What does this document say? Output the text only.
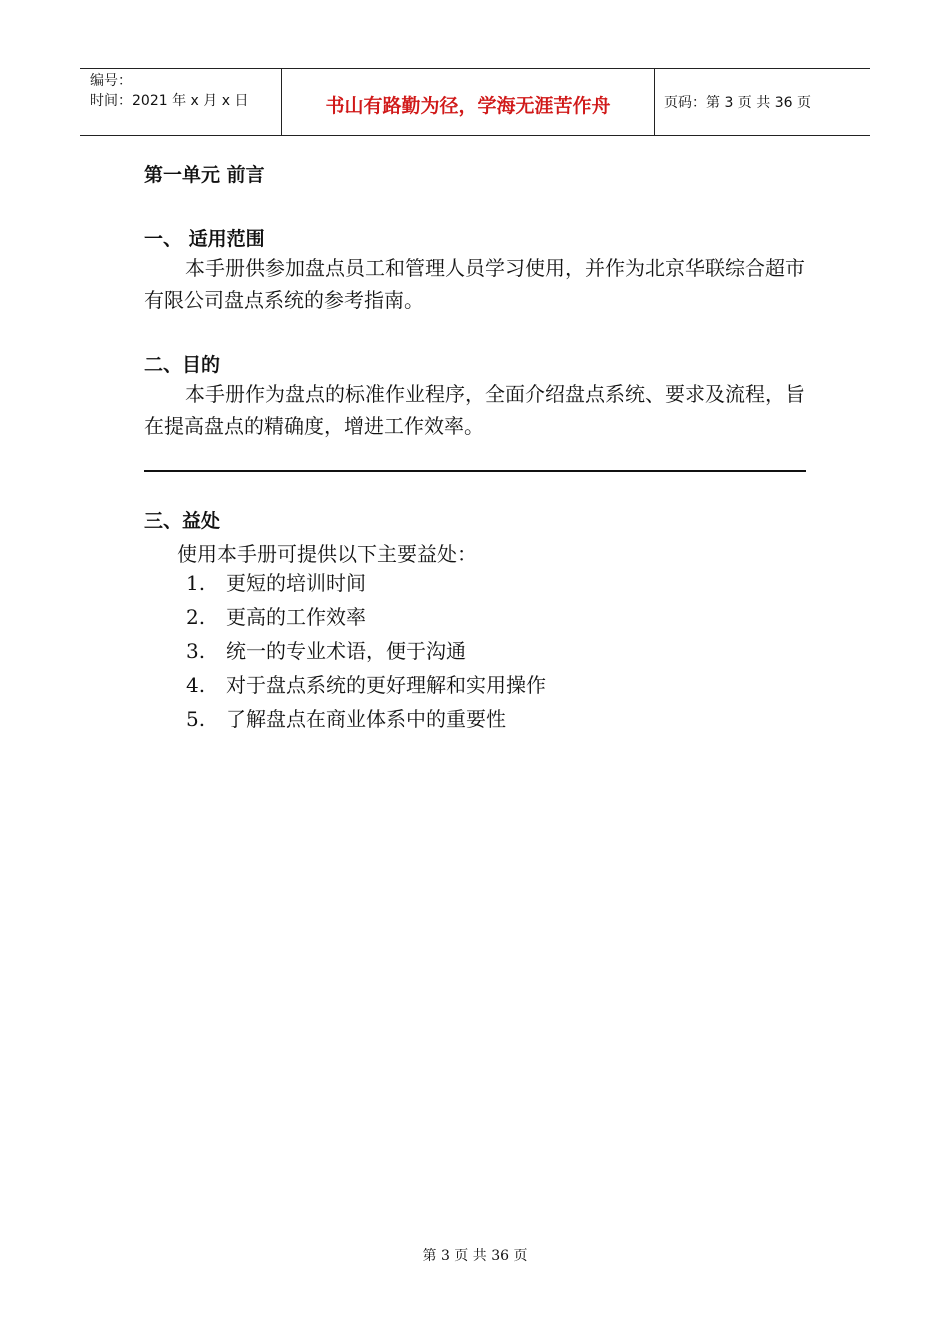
编号：
时间：2021 年 x 月 x 日	书山有路勤为径，学海无涯苦作舟	页码：第 3 页 共 36 页
第一单元 前言
一、 适用范围
本手册供参加盘点员工和管理人员学习使用，并作为北京华联综合超市有限公司盘点系统的参考指南。
二、目的
本手册作为盘点的标准作业程序，全面介绍盘点系统、要求及流程，旨在提高盘点的精确度，增进工作效率。
三、益处
使用本手册可提供以下主要益处：
1. 更短的培训时间
2. 更高的工作效率
3. 统一的专业术语，便于沟通
4. 对于盘点系统的更好理解和实用操作
5. 了解盘点在商业体系中的重要性
第 3 页 共 36 页
